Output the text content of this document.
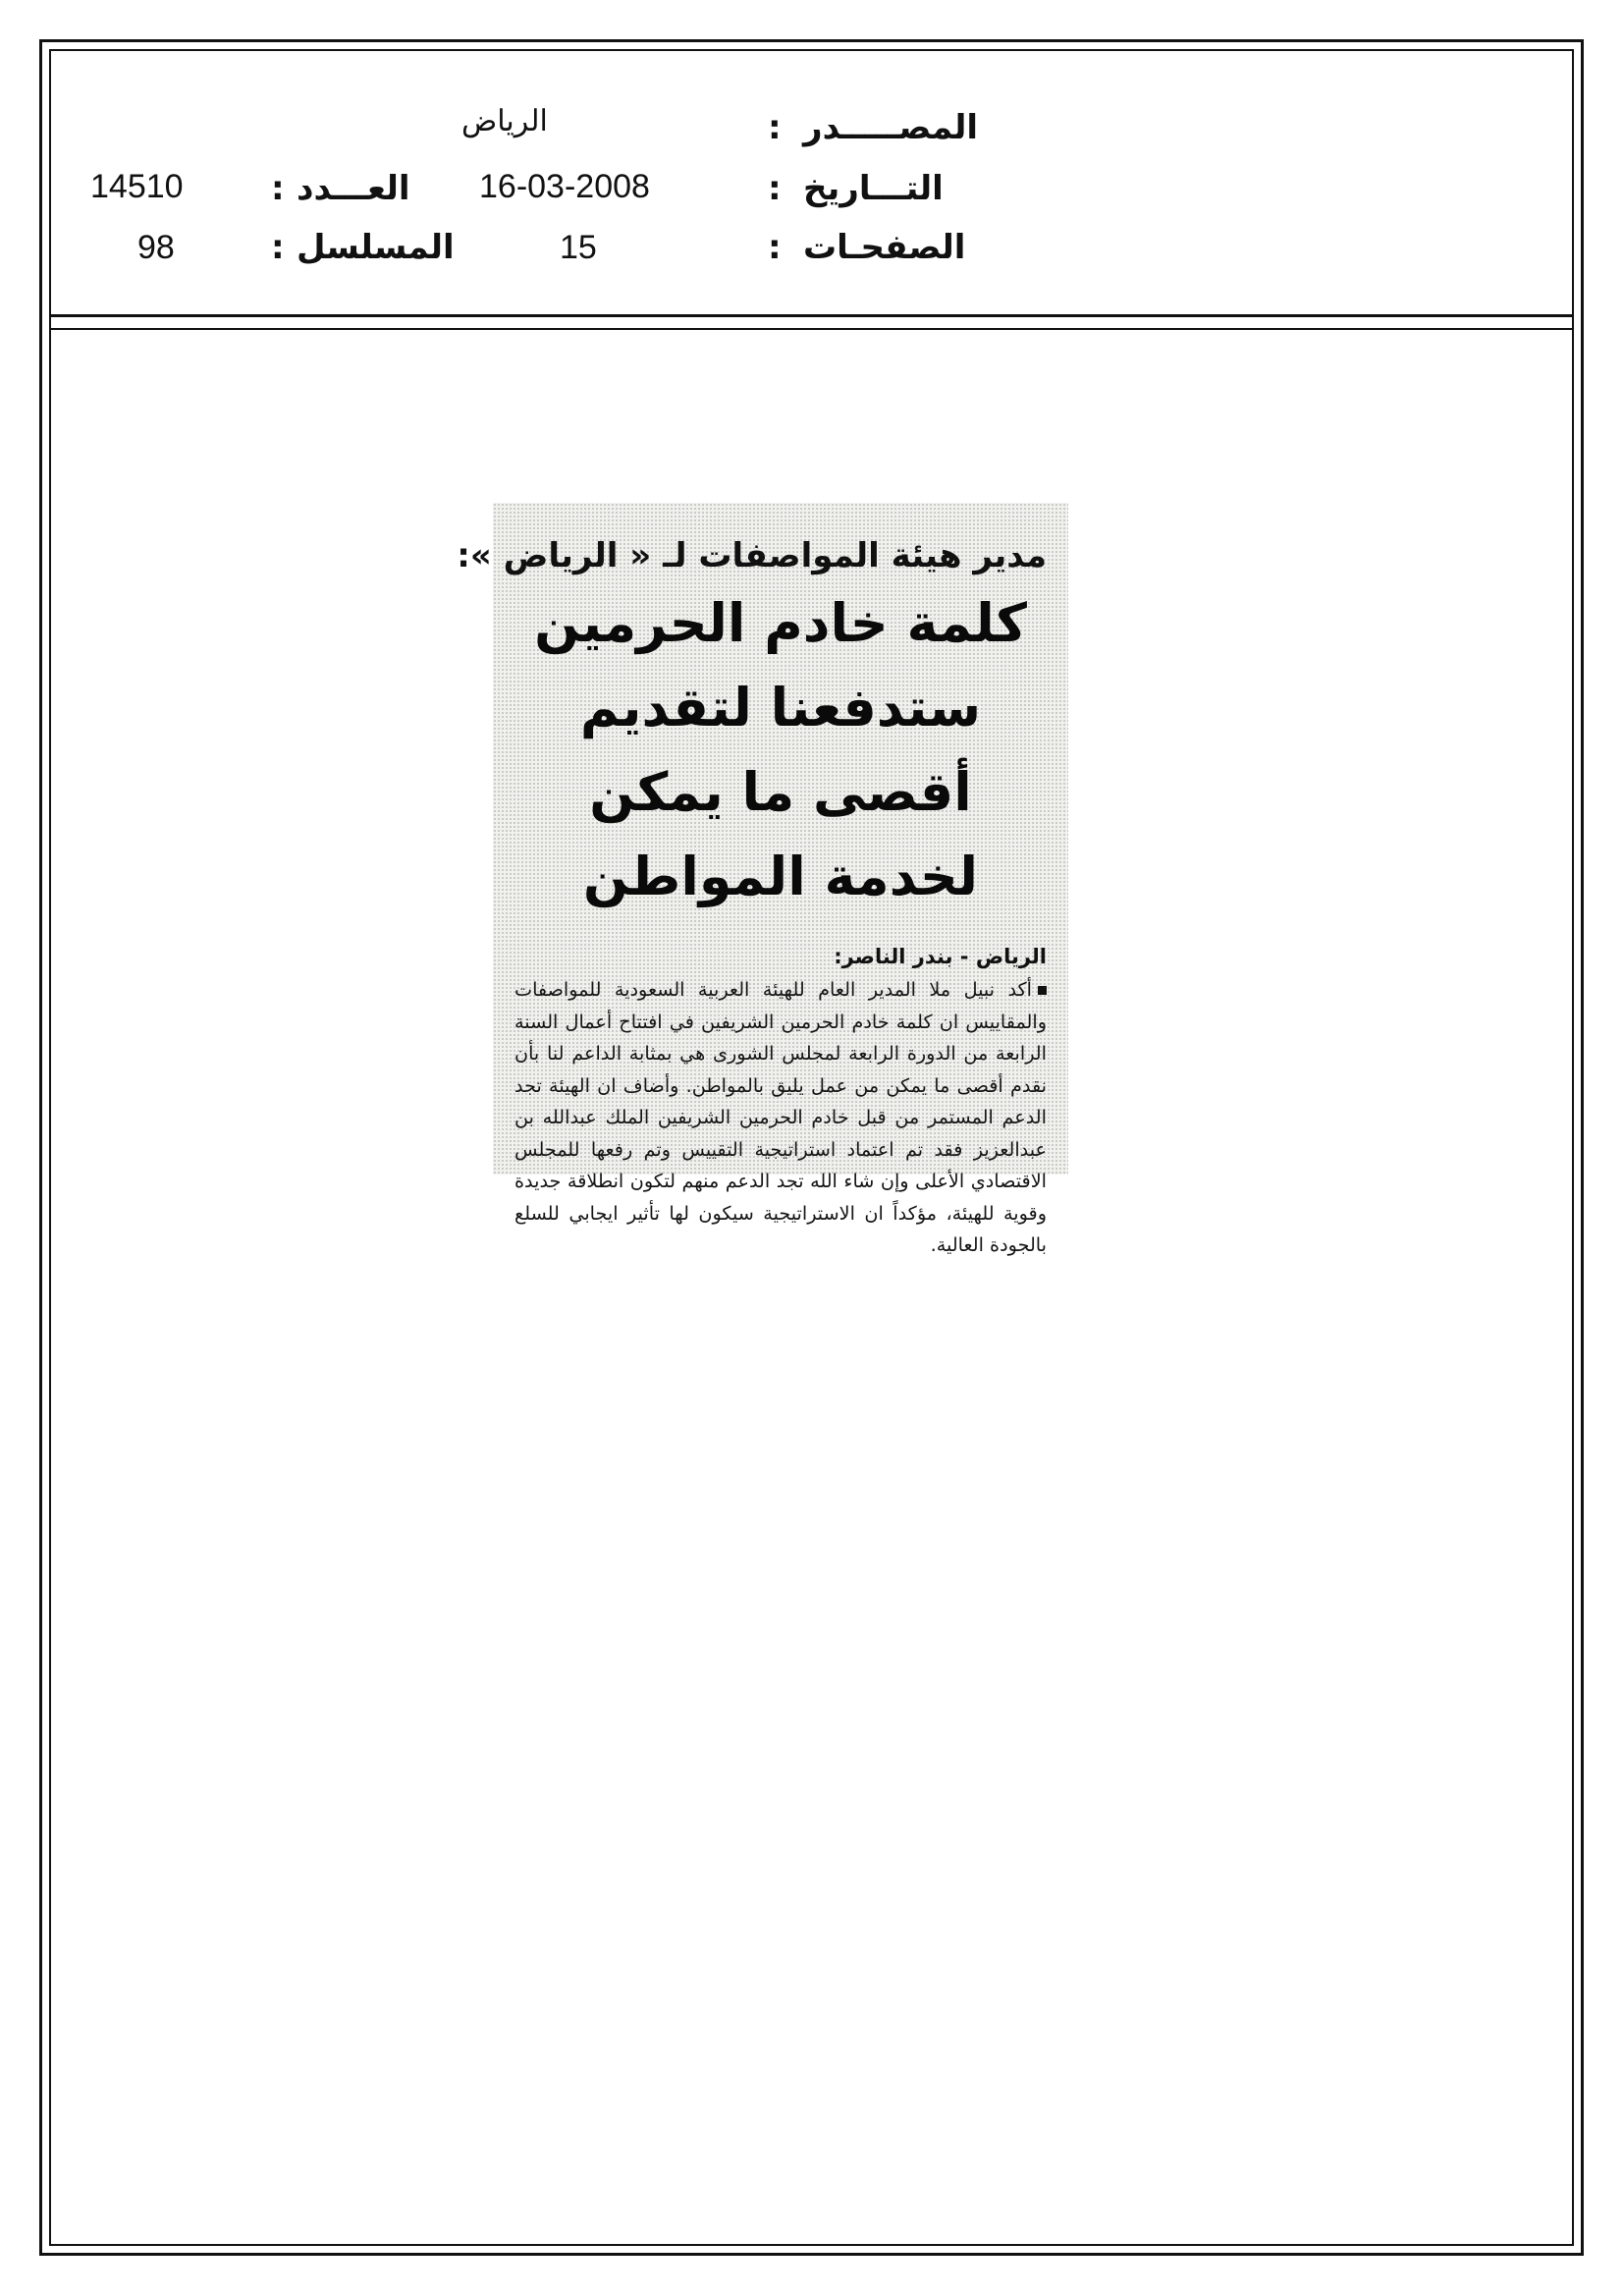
المصـــــدر
:
الرياض
التـــاريخ
:
16-03-2008
العـــدد
:
14510
الصفحـات
:
15
المسلسل
:
98
مدير هيئة المواصفات لـ « الرياض »:
كلمة خادم الحرمين ستدفعنا لتقديم
أقصى ما يمكن لخدمة المواطن
الرياض - بندر الناصر:

أكد نبيل ملا المدير العام للهيئة العربية السعودية للمواصفات والمقاييس ان كلمة خادم الحرمين الشريفين في افتتاح أعمال السنة الرابعة من الدورة الرابعة لمجلس الشورى هي بمثابة الداعم لنا بأن نقدم أقصى ما يمكن من عمل يليق بالمواطن. وأضاف ان الهيئة تجد الدعم المستمر من قبل خادم الحرمين الشريفين الملك عبدالله بن عبدالعزيز فقد تم اعتماد استراتيجية التقييس وتم رفعها للمجلس الاقتصادي الأعلى وإن شاء الله تجد الدعم منهم لتكون انطلاقة جديدة وقوية للهيئة، مؤكداً ان الاستراتيجية سيكون لها تأثير ايجابي للسلع بالجودة العالية.
